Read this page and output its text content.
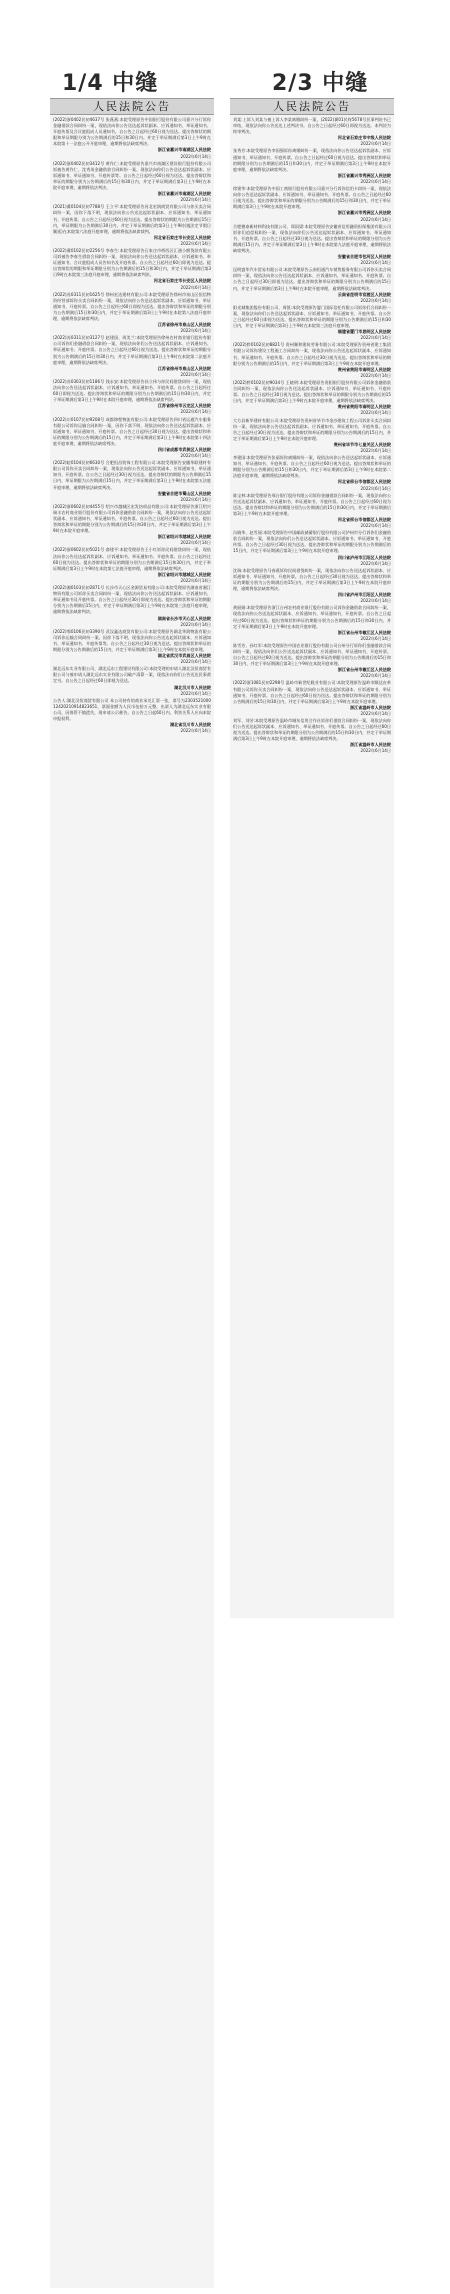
1/4 中缝	2/3 中缝
人民法院公告

(2022)浙0402民初4637号 张燕燕:本院受理原告中国银行股份有限公司嘉兴分行诉你金融借款合同纠纷一案，现依法向你公告送达起诉状副本、应诉通知书、举证通知书、开庭传票及合议庭组成人员通知书。自公告之日起经过60日视为送达。提出答辩状的期限和举证期限分别为公告期满后的15日和30日内。并定于举证期满后第3日上午9时在本院第十一法庭公开开庭审理，逾期将依法缺席判决。

浙江省嘉兴市南湖区人民法院

2022年6月14日

(2022)浙0402民初3412号 黄作仁:本院受理原告嘉兴市南湖区建设银行股份有限公司诉被告黄作仁、沈秀英金融借款合同纠纷一案，现依法向你们公告送达起诉状副本、应诉通知书、举证通知书、开庭传票等。自公告之日起经过60日视为送达。提出答辩状和举证的期限分别为公告期满后的15日和30日内，并定于举证期满后第3日上午9时在本院开庭审理，逾期将依法判决。

浙江省嘉兴市南湖区人民法院

2022年6月14日

(2021)冀0104民初7788号 王立平:本院受理原告河北宏润商贸有限公司与你买卖合同纠纷一案，因你下落不明，现依法向你公告送达起诉状副本、应诉通知书、举证通知书、开庭传票。自公告之日起经过60日视为送达。提出答辩状的期限为公告期满后15日内，举证期限为公告期满后30日内，并定于举证期满后的第3日上午9时(遇法定节假日顺延)在本院第六法庭开庭审理，逾期将依法缺席裁判。

河北省石家庄市长安区人民法院

2022年6月14日

(2022)冀0102民初2256号 李春生:本院受理原告石家庄市桥西区汇通小额贷款有限公司诉被告李春生借款合同纠纷一案，现依法向你公告送达起诉状副本、应诉通知书、举证通知书、合议庭组成人员告知书及开庭传票。自公告之日起经过60日即视为送达。提出答辩状的期限和举证期限分别为公告期满后的15日和30日内，并定于举证期满后第3日9时在本院第三法庭开庭审理，逾期将依法缺席判决。

河北省石家庄市长安区人民法院

2022年6月14日

(2022)苏0311民初1625号 徐州宏达建材有限公司:本院受理原告徐州市泉山区恒信物资经营部诉你买卖合同纠纷一案，现依法向你公告送达起诉状副本、应诉通知书、举证通知书、开庭传票。自公告之日起经过60日即视为送达。提出答辩状和举证的期限分别为公告期满后15日和30日内，并定于举证期满后第3日上午9时在本院第八法庭开庭审理，逾期将依法缺席判决。

江苏省徐州市泉山区人民法院

2022年6月14日

(2022)苏0311民初3127号 赵建国、周美兰:本院受理原告徐州农村商业银行股份有限公司诉你们金融借款合同纠纷一案，现依法向你们公告送达起诉状副本、应诉通知书、举证通知书、开庭传票。自公告之日起经过60日视为送达。提出答辩状和举证的期限分别为公告期满后的15日和30日内，并定于举证期满后第3日上午9时在本院第二法庭开庭审理，逾期将依法缺席判决。

江苏省徐州市泉山区人民法院

2022年6月14日

(2022)苏0303民初1186号 钱永安:本院受理原告孙立伟与你民间借贷纠纷一案，现依法向你公告送达起诉状副本、应诉通知书、举证通知书、开庭传票。自公告之日起经过60日即视为送达。提出答辩状和举证的期限分别为公告期满后的15日和30日内，并定于举证期满后第3日上午9时在本院开庭审理，逾期将依法缺席判决。

江苏省徐州市云龙区人民法院

2022年6月14日

(2022)川0107民初9208号 成都锦程物流有限公司:本院受理原告四川省运通汽车服务有限公司诉你运输合同纠纷一案，因你下落不明，现依法向你公告送达起诉状副本、应诉通知书、举证通知书、开庭传票。自公告之日起经过30日视为送达。提出答辩状和举证的期限分别为公告期满后的15日内，并定于举证期满后第3日上午9时在本院第十四法庭开庭审理，逾期将依法缺席判决。

四川省成都市武侯区人民法院

2022年6月14日

(2022)皖0104民初6630号 合肥恒昌装饰工程有限公司:本院受理原告安徽华联建材有限公司诉你买卖合同纠纷一案，现依法向你公告送达起诉状副本、应诉通知书、举证通知书、开庭传票。自公告之日起经过30日视为送达。提出答辩状的期限为公告期满后15日内，举证期限为公告期满后15日内，并定于举证期满后第3日上午9时在本院第五法庭开庭审理，逾期将依法缺席判决。

安徽省合肥市蜀山区人民法院

2022年6月14日

(2022)浙0602民初4455号 绍兴市越城区宏发纺织品有限公司:本院受理原告浙江绍兴瑞丰农村商业银行股份有限公司诉你金融借款合同纠纷一案，现依法向你公告送达起诉状副本、应诉通知书、举证通知书、开庭传票。自公告之日起经过60日视为送达。提出答辩状和举证的期限分别为公告期满后的15日和30日内，并定于举证期满后第3日上午9时在本院开庭审理。

浙江省绍兴市越城区人民法院

2022年6月14日

(2022)浙0602民初5021号 俞建平:本院受理原告王小红诉你民间借贷纠纷一案，现依法向你公告送达起诉状副本、应诉通知书、举证通知书、开庭传票。自公告之日起经过60日视为送达。提出答辩状和举证的期限分别为公告期满后15日和30日内，并定于举证期满后第3日上午9时在本院第七法庭开庭审理，逾期将依法缺席判决。

浙江省绍兴市越城区人民法院

2022年6月14日

(2022)湘0103民初2871号 长沙市天心区金源贸易有限公司:本院受理原告湖南省湘江物资有限公司诉你买卖合同纠纷一案，现依法向你公告送达起诉状副本、应诉通知书、举证通知书及开庭传票。自公告之日起经过30日即视为送达。提出答辩状和举证的期限分别为公告期满后15日内，并定于举证期满后第3日上午9时在本院第三法庭开庭审理，逾期将依法缺席判决。

湖南省长沙市天心区人民法院

2022年6月14日

(2022)鄂0106民初3390号 武汉鑫达商贸有限公司:本院受理原告湖北华润物流有限公司诉你运输合同纠纷一案，因你下落不明，现依法向你公告送达起诉状副本、应诉通知书、举证通知书、开庭传票等。自公告之日起经过30日视为送达。提出答辩状和举证的期限分别为公告期满后的15日内，并定于举证期满后第3日上午9时在本院开庭审理。

湖北省武汉市武昌区人民法院

2022年6月14日

湖北远东实业有限公司、湖北远东工程建设有限公司:本院受理的申请人湖北汉恒商贸有限公司与被申请人湖北远东实业有限公司破产清算一案，现依法向你们公告送达民事裁定书。自公告之日起经过60日即视为送达。

湖北汉川市人民法院

2022年6月14日

公告人:湖北汉恒商贸有限公司 本公司持有的商业承兑汇票一张，票号为230352100012420210914823651，票面金额为人民币伍拾万元整，出票人为湖北远东实业有限公司，因保管不慎遗失，现申请公示催告。自公告之日起60日内，利害关系人应向本院申报权利。

湖北省汉川市人民法院

2022年6月14日

人民法院公告

刘某:上诉人刘某与被上诉人李某离婚纠纷一案，(2022)冀01民终5678号民事判决书已审结，现依法向你公告送达上述判决书。自公告之日起经过60日即视为送达。本判决为终审判决。

河北省石家庄市中级人民法院

2022年6月14日

张秀芳:本院受理原告李国强诉你离婚纠纷一案，现依法向你公告送达起诉状副本、应诉通知书、举证通知书、开庭传票。自公告之日起经过60日视为送达。提出答辩状和举证的期限分别为公告期满后的15日和30日内，并定于举证期满后第3日上午9时在本院开庭审理，逾期将依法缺席判决。

浙江省嘉兴市秀洲区人民法院

2022年6月14日

徐建华:本院受理原告中国工商银行股份有限公司嘉兴分行诉你信用卡纠纷一案，现依法向你公告送达起诉状副本、应诉通知书、举证通知书、开庭传票。自公告之日起经过60日视为送达。提出答辩状和举证的期限分别为公告期满后的15日和30日内，并定于举证期满后第3日上午9时在本院开庭审理。

浙江省嘉兴市秀洲区人民法院

2022年6月14日

合肥德泰新材料科技有限公司、郑国梁:本院受理原告安徽省信用融资担保集团有限公司诉你们追偿权纠纷一案，现依法向你们公告送达起诉状副本、应诉通知书、举证通知书、开庭传票。自公告之日起经过30日视为送达。提出答辩状和举证的期限分别为公告期满后15日内，并定于举证期满后第3日上午9时在本院第九法庭开庭审理，逾期将依法缺席判决。

安徽省合肥市包河区人民法院

2022年6月14日

昆明盛华汽车贸易有限公司:本院受理原告云南恒通汽车销售服务有限公司诉你买卖合同纠纷一案，现依法向你公告送达起诉状副本、应诉通知书、举证通知书、开庭传票。自公告之日起经过30日即视为送达。提出答辩状和举证的期限分别为公告期满后的15日内，并定于举证期满后第3日上午9时在本院开庭审理，逾期将依法缺席判决。

云南省昆明市官渡区人民法院

2022年6月14日

阳光城集团股份有限公司、周凯:本院受理原告厦门国际信托有限公司诉你们合同纠纷一案，现依法向你们公告送达起诉状副本、应诉通知书、举证通知书、开庭传票。自公告之日起经过60日即视为送达。提出答辩状和举证的期限分别为公告期满后的15日和30日内，并定于举证期满后第3日上午9时在本院第三法庭开庭审理。

福建省厦门市思明区人民法院

2022年6月14日

(2022)黔0102民初8821号 贵州顺和建筑劳务有限公司:本院受理原告贵州省建工集团有限公司诉你建设工程施工合同纠纷一案，现依法向你公告送达起诉状副本、应诉通知书、举证通知书、开庭传票。自公告之日起经过30日视为送达。提出答辩状和举证的期限分别为公告期满后的15日内，并定于举证期满后第3日上午9时在本院开庭审理。

贵州省贵阳市南明区人民法院

2022年6月14日

(2022)黔0102民初9034号 王晓明:本院受理原告贵阳银行股份有限公司诉你金融借款合同纠纷一案，现依法向你公告送达起诉状副本、应诉通知书、举证通知书、开庭传票。自公告之日起经过30日视为送达。提出答辩状和举证的期限分别为公告期满后的15日内，并定于举证期满后第3日上午9时在本院开庭审理，逾期将依法缺席判决。

贵州省贵阳市南明区人民法院

2022年6月14日

大方县新华建材有限公司:本院受理原告贵州省毕节市金沙建筑工程公司诉你买卖合同纠纷一案，现依法向你公告送达起诉状副本、应诉通知书、举证通知书、开庭传票。自公告之日起经过30日视为送达。提出答辩状和举证的期限分别为公告期满后的15日内，并定于举证期满后第3日上午9时在本院开庭审理。

贵州省毕节市七星关区人民法院

2022年6月14日

李建国:本院受理原告张丽诉你离婚纠纷一案，现依法向你公告送达起诉状副本、应诉通知书、举证通知书、开庭传票。自公告之日起经过60日视为送达。提出答辩状和举证的期限分别为公告期满后的15日和30日内，并定于举证期满后第3日上午9时在本院第二法庭开庭审理，逾期将依法缺席判决。

河北省邢台市信都区人民法院

2022年6月14日

陈宝林:本院受理原告邢台银行股份有限公司诉你金融借款合同纠纷一案，现依法向你公告送达起诉状副本、应诉通知书、举证通知书、开庭传票。自公告之日起经过60日视为送达。提出答辩状和举证的期限分别为公告期满后的15日和30日内，并定于举证期满后第3日上午9时在本院开庭审理。

河北省邢台市信都区人民法院

2022年6月14日

冯晓华、赵雪丽:本院受理原告中国邮政储蓄银行股份有限公司泸州市分行诉你们金融借款合同纠纷一案，现依法向你们公告送达起诉状副本、应诉通知书、举证通知书、开庭传票。自公告之日起经过30日视为送达。提出答辩状和举证的期限分别为公告期满后的15日内，并定于举证期满后第3日上午9时在本院开庭审理。

四川省泸州市江阳区人民法院

2022年6月14日

沈瑞:本院受理原告马春燕诉你民间借贷纠纷一案，现依法向你公告送达起诉状副本、应诉通知书、举证通知书、开庭传票。自公告之日起经过30日视为送达。提出答辩状和举证的期限分别为公告期满后的15日内，并定于举证期满后第3日上午9时在本院开庭审理，逾期将依法缺席判决。

四川省泸州市江阳区人民法院

2022年6月14日

黄丽娟:本院受理原告浙江台州农村商业银行股份有限公司诉你金融借款合同纠纷一案，现依法向你公告送达起诉状副本、应诉通知书、举证通知书、开庭传票。自公告之日起经过60日视为送达。提出答辩状和举证的期限分别为公告期满后的15日和30日内，并定于举证期满后第3日上午9时在本院开庭审理。

浙江省台州市椒江区人民法院

2022年6月14日

陈雪芳、孙红军:本院受理原告中国农业银行股份有限公司台州分行诉你们金融借款合同纠纷一案，现依法向你们公告送达起诉状副本、应诉通知书、举证通知书、开庭传票。自公告之日起经过60日视为送达。提出答辩状和举证的期限分别为公告期满后的15日和30日内，并定于举证期满后第3日上午9时在本院开庭审理。

浙江省台州市椒江区人民法院

2022年6月14日

(2022)浙1081民初2298号 温岭市新世纪鞋业有限公司:本院受理原告温岭市顺达皮革有限公司诉你买卖合同纠纷一案，现依法向你公告送达起诉状副本、应诉通知书、举证通知书、开庭传票。自公告之日起经过60日视为送达。提出答辩状和举证的期限分别为公告期满后的15日和30日内，并定于举证期满后第3日上午9时在本院开庭审理。

浙江省温岭市人民法院

2022年6月14日

刘军、刘芳:本院受理原告温岭市城东信用合作社诉你们借款合同纠纷一案，现依法向你们公告送达起诉状副本、应诉通知书、举证通知书、开庭传票。自公告之日起经过60日视为送达。提出答辩状和举证的期限分别为公告期满后的15日和30日内，并定于举证期满后第3日上午9时在本院开庭审理，逾期将依法缺席判决。

浙江省温岭市人民法院

2022年6月14日
